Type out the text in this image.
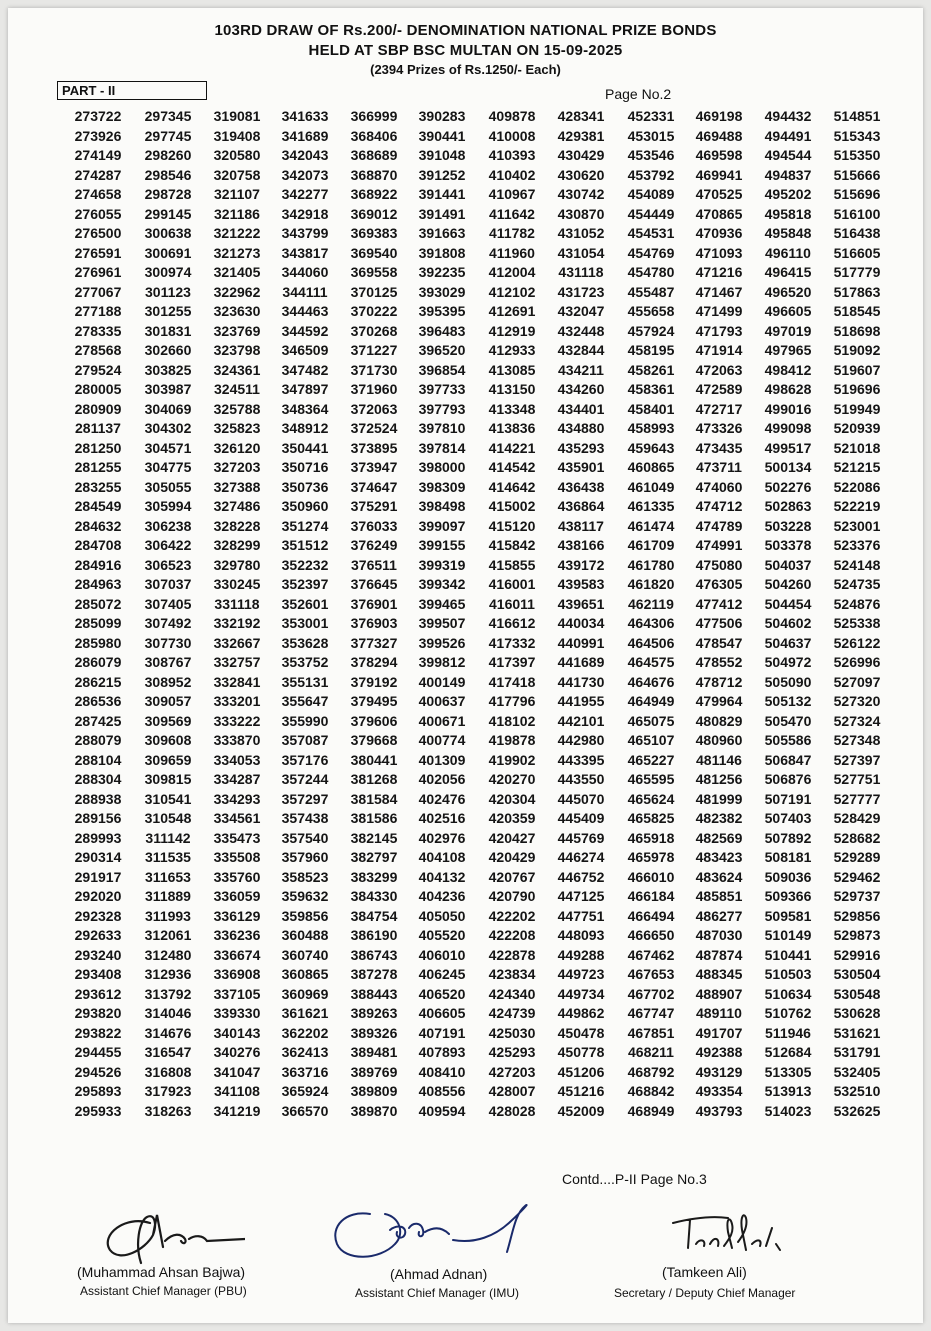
103RD DRAW OF Rs.200/- DENOMINATION NATIONAL PRIZE BONDS
HELD AT SBP BSC MULTAN ON 15-09-2025
(2394 Prizes of Rs.1250/- Each)
PART - II	Page No.2
273722	297345	319081	341633	366999	390283	409878	428341	452331	469198	494432	514851
273926	297745	319408	341689	368406	390441	410008	429381	453015	469488	494491	515343
274149	298260	320580	342043	368689	391048	410393	430429	453546	469598	494544	515350
274287	298546	320758	342073	368870	391252	410402	430620	453792	469941	494837	515666
274658	298728	321107	342277	368922	391441	410967	430742	454089	470525	495202	515696
276055	299145	321186	342918	369012	391491	411642	430870	454449	470865	495818	516100
276500	300638	321222	343799	369383	391663	411782	431052	454531	470936	495848	516438
276591	300691	321273	343817	369540	391808	411960	431054	454769	471093	496110	516605
276961	300974	321405	344060	369558	392235	412004	431118	454780	471216	496415	517779
277067	301123	322962	344111	370125	393029	412102	431723	455487	471467	496520	517863
277188	301255	323630	344463	370222	395395	412691	432047	455658	471499	496605	518545
278335	301831	323769	344592	370268	396483	412919	432448	457924	471793	497019	518698
278568	302660	323798	346509	371227	396520	412933	432844	458195	471914	497965	519092
279524	303825	324361	347482	371730	396854	413085	434211	458261	472063	498412	519607
280005	303987	324511	347897	371960	397733	413150	434260	458361	472589	498628	519696
280909	304069	325788	348364	372063	397793	413348	434401	458401	472717	499016	519949
281137	304302	325823	348912	372524	397810	413836	434880	458993	473326	499098	520939
281250	304571	326120	350441	373895	397814	414221	435293	459643	473435	499517	521018
281255	304775	327203	350716	373947	398000	414542	435901	460865	473711	500134	521215
283255	305055	327388	350736	374647	398309	414642	436438	461049	474060	502276	522086
284549	305994	327486	350960	375291	398498	415002	436864	461335	474712	502863	522219
284632	306238	328228	351274	376033	399097	415120	438117	461474	474789	503228	523001
284708	306422	328299	351512	376249	399155	415842	438166	461709	474991	503378	523376
284916	306523	329780	352232	376511	399319	415855	439172	461780	475080	504037	524148
284963	307037	330245	352397	376645	399342	416001	439583	461820	476305	504260	524735
285072	307405	331118	352601	376901	399465	416011	439651	462119	477412	504454	524876
285099	307492	332192	353001	376903	399507	416612	440034	464306	477506	504602	525338
285980	307730	332667	353628	377327	399526	417332	440991	464506	478547	504637	526122
286079	308767	332757	353752	378294	399812	417397	441689	464575	478552	504972	526996
286215	308952	332841	355131	379192	400149	417418	441730	464676	478712	505090	527097
286536	309057	333201	355647	379495	400637	417796	441955	464949	479964	505132	527320
287425	309569	333222	355990	379606	400671	418102	442101	465075	480829	505470	527324
288079	309608	333870	357087	379668	400774	419878	442980	465107	480960	505586	527348
288104	309659	334053	357176	380441	401309	419902	443395	465227	481146	506847	527397
288304	309815	334287	357244	381268	402056	420270	443550	465595	481256	506876	527751
288938	310541	334293	357297	381584	402476	420304	445070	465624	481999	507191	527777
289156	310548	334561	357438	381586	402516	420359	445409	465825	482382	507403	528429
289993	311142	335473	357540	382145	402976	420427	445769	465918	482569	507892	528682
290314	311535	335508	357960	382797	404108	420429	446274	465978	483423	508181	529289
291917	311653	335760	358523	383299	404132	420767	446752	466010	483624	509036	529462
292020	311889	336059	359632	384330	404236	420790	447125	466184	485851	509366	529737
292328	311993	336129	359856	384754	405050	422202	447751	466494	486277	509581	529856
292633	312061	336236	360488	386190	405520	422208	448093	466650	487030	510149	529873
293240	312480	336674	360740	386743	406010	422878	449288	467462	487874	510441	529916
293408	312936	336908	360865	387278	406245	423834	449723	467653	488345	510503	530504
293612	313792	337105	360969	388443	406520	424340	449734	467702	488907	510634	530548
293820	314046	339330	361621	389263	406605	424739	449862	467747	489110	510762	530628
293822	314676	340143	362202	389326	407191	425030	450478	467851	491707	511946	531621
294455	316547	340276	362413	389481	407893	425293	450778	468211	492388	512684	531791
294526	316808	341047	363716	389769	408410	427203	451206	468792	493129	513305	532405
295893	317923	341108	365924	389809	408556	428007	451216	468842	493354	513913	532510
295933	318263	341219	366570	389870	409594	428028	452009	468949	493793	514023	532625
Contd....P-II Page No.3
(Muhammad Ahsan Bajwa)
Assistant Chief Manager (PBU)
(Ahmad Adnan)
Assistant Chief Manager (IMU)
(Tamkeen Ali)
Secretary / Deputy Chief Manager
